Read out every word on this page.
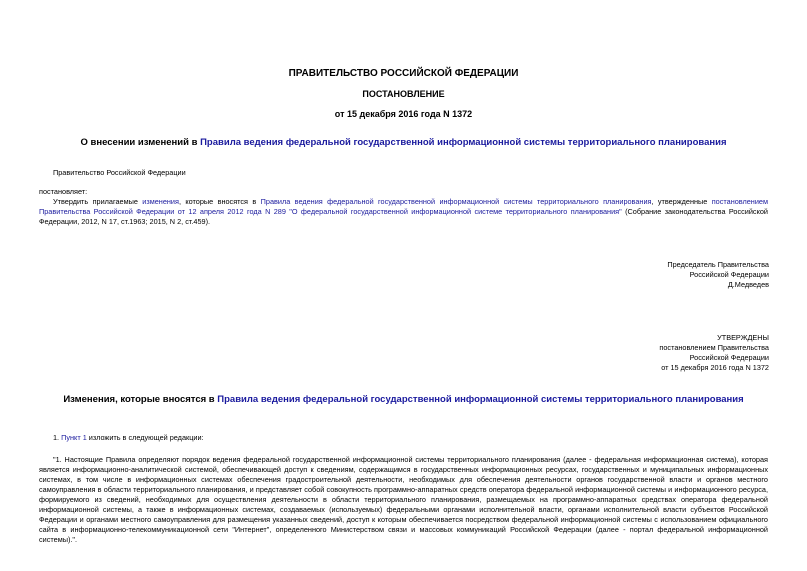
ПРАВИТЕЛЬСТВО РОССИЙСКОЙ ФЕДЕРАЦИИ
ПОСТАНОВЛЕНИЕ
от 15 декабря 2016 года N 1372
О внесении изменений в Правила ведения федеральной государственной информационной системы территориального планирования
Правительство Российской Федерации
постановляет:
Утвердить прилагаемые изменения, которые вносятся в Правила ведения федеральной государственной информационной системы территориального планирования, утвержденные постановлением Правительства Российской Федерации от 12 апреля 2012 года N 289 "О федеральной государственной информационной системе территориального планирования" (Собрание законодательства Российской Федерации, 2012, N 17, ст.1963; 2015, N 2, ст.459).

Председатель Правительства

Российской Федерации

Д.Медведев

УТВЕРЖДЕНЫ

постановлением Правительства

Российской Федерации

от 15 декабря 2016 года N 1372

Изменения, которые вносятся в Правила ведения федеральной государственной информационной системы территориального планирования
1. Пункт 1 изложить в следующей редакции:
"1. Настоящие Правила определяют порядок ведения федеральной государственной информационной системы территориального планирования (далее - федеральная информационная система), которая является информационно-аналитической системой, обеспечивающей доступ к сведениям, содержащимся в государственных информационных ресурсах, государственных и муниципальных информационных системах, в том числе в информационных системах обеспечения градостроительной деятельности, необходимых для обеспечения деятельности органов государственной власти и органов местного самоуправления в области территориального планирования, и представляет собой совокупность программно-аппаратных средств оператора федеральной информационной системы и информационного ресурса, формируемого из сведений, необходимых для осуществления деятельности в области территориального планирования, размещаемых на программно-аппаратных средствах оператора федеральной информационной системы, а также в информационных системах, создаваемых (используемых) федеральными органами исполнительной власти, органами исполнительной власти субъектов Российской Федерации и органами местного самоуправления для размещения указанных сведений, доступ к которым обеспечивается посредством федеральной информационной системы с использованием официального сайта в информационно-телекоммуникационной сети "Интернет", определенного Министерством связи и массовых коммуникаций Российской Федерации (далее - портал федеральной информационной системы).".
